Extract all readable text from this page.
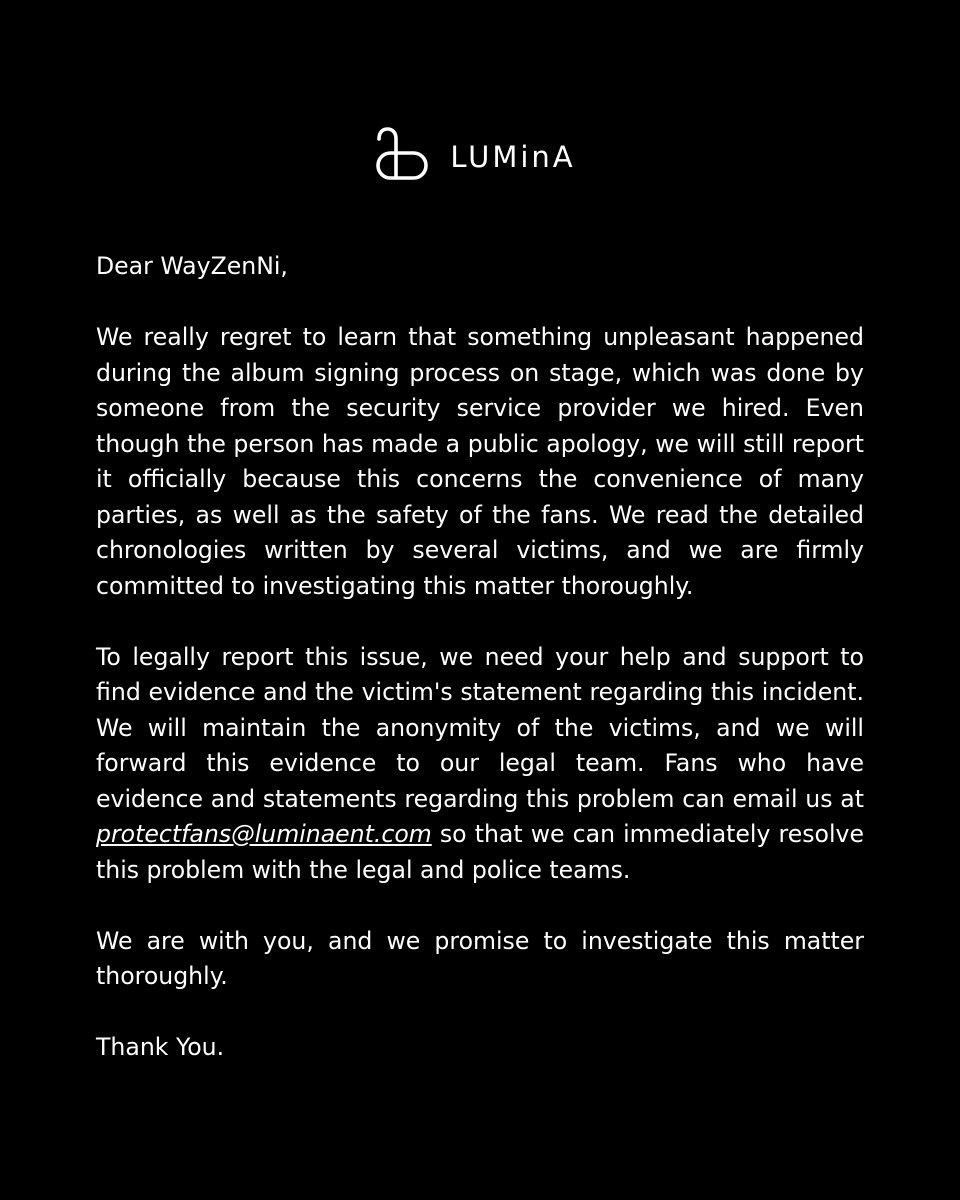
LUMinA

Dear WayZenNi,

We really regret to learn that something unpleasant happened during the album signing process on stage, which was done by someone from the security service provider we hired. Even though the person has made a public apology, we will still report it officially because this concerns the convenience of many parties, as well as the safety of the fans. We read the detailed chronologies written by several victims, and we are firmly committed to investigating this matter thoroughly.

To legally report this issue, we need your help and support to find evidence and the victim's statement regarding this incident. We will maintain the anonymity of the victims, and we will forward this evidence to our legal team. Fans who have evidence and statements regarding this problem can email us at protectfans@luminaent.com so that we can immediately resolve this problem with the legal and police teams.

We are with you, and we promise to investigate this matter thoroughly.

Thank You.
